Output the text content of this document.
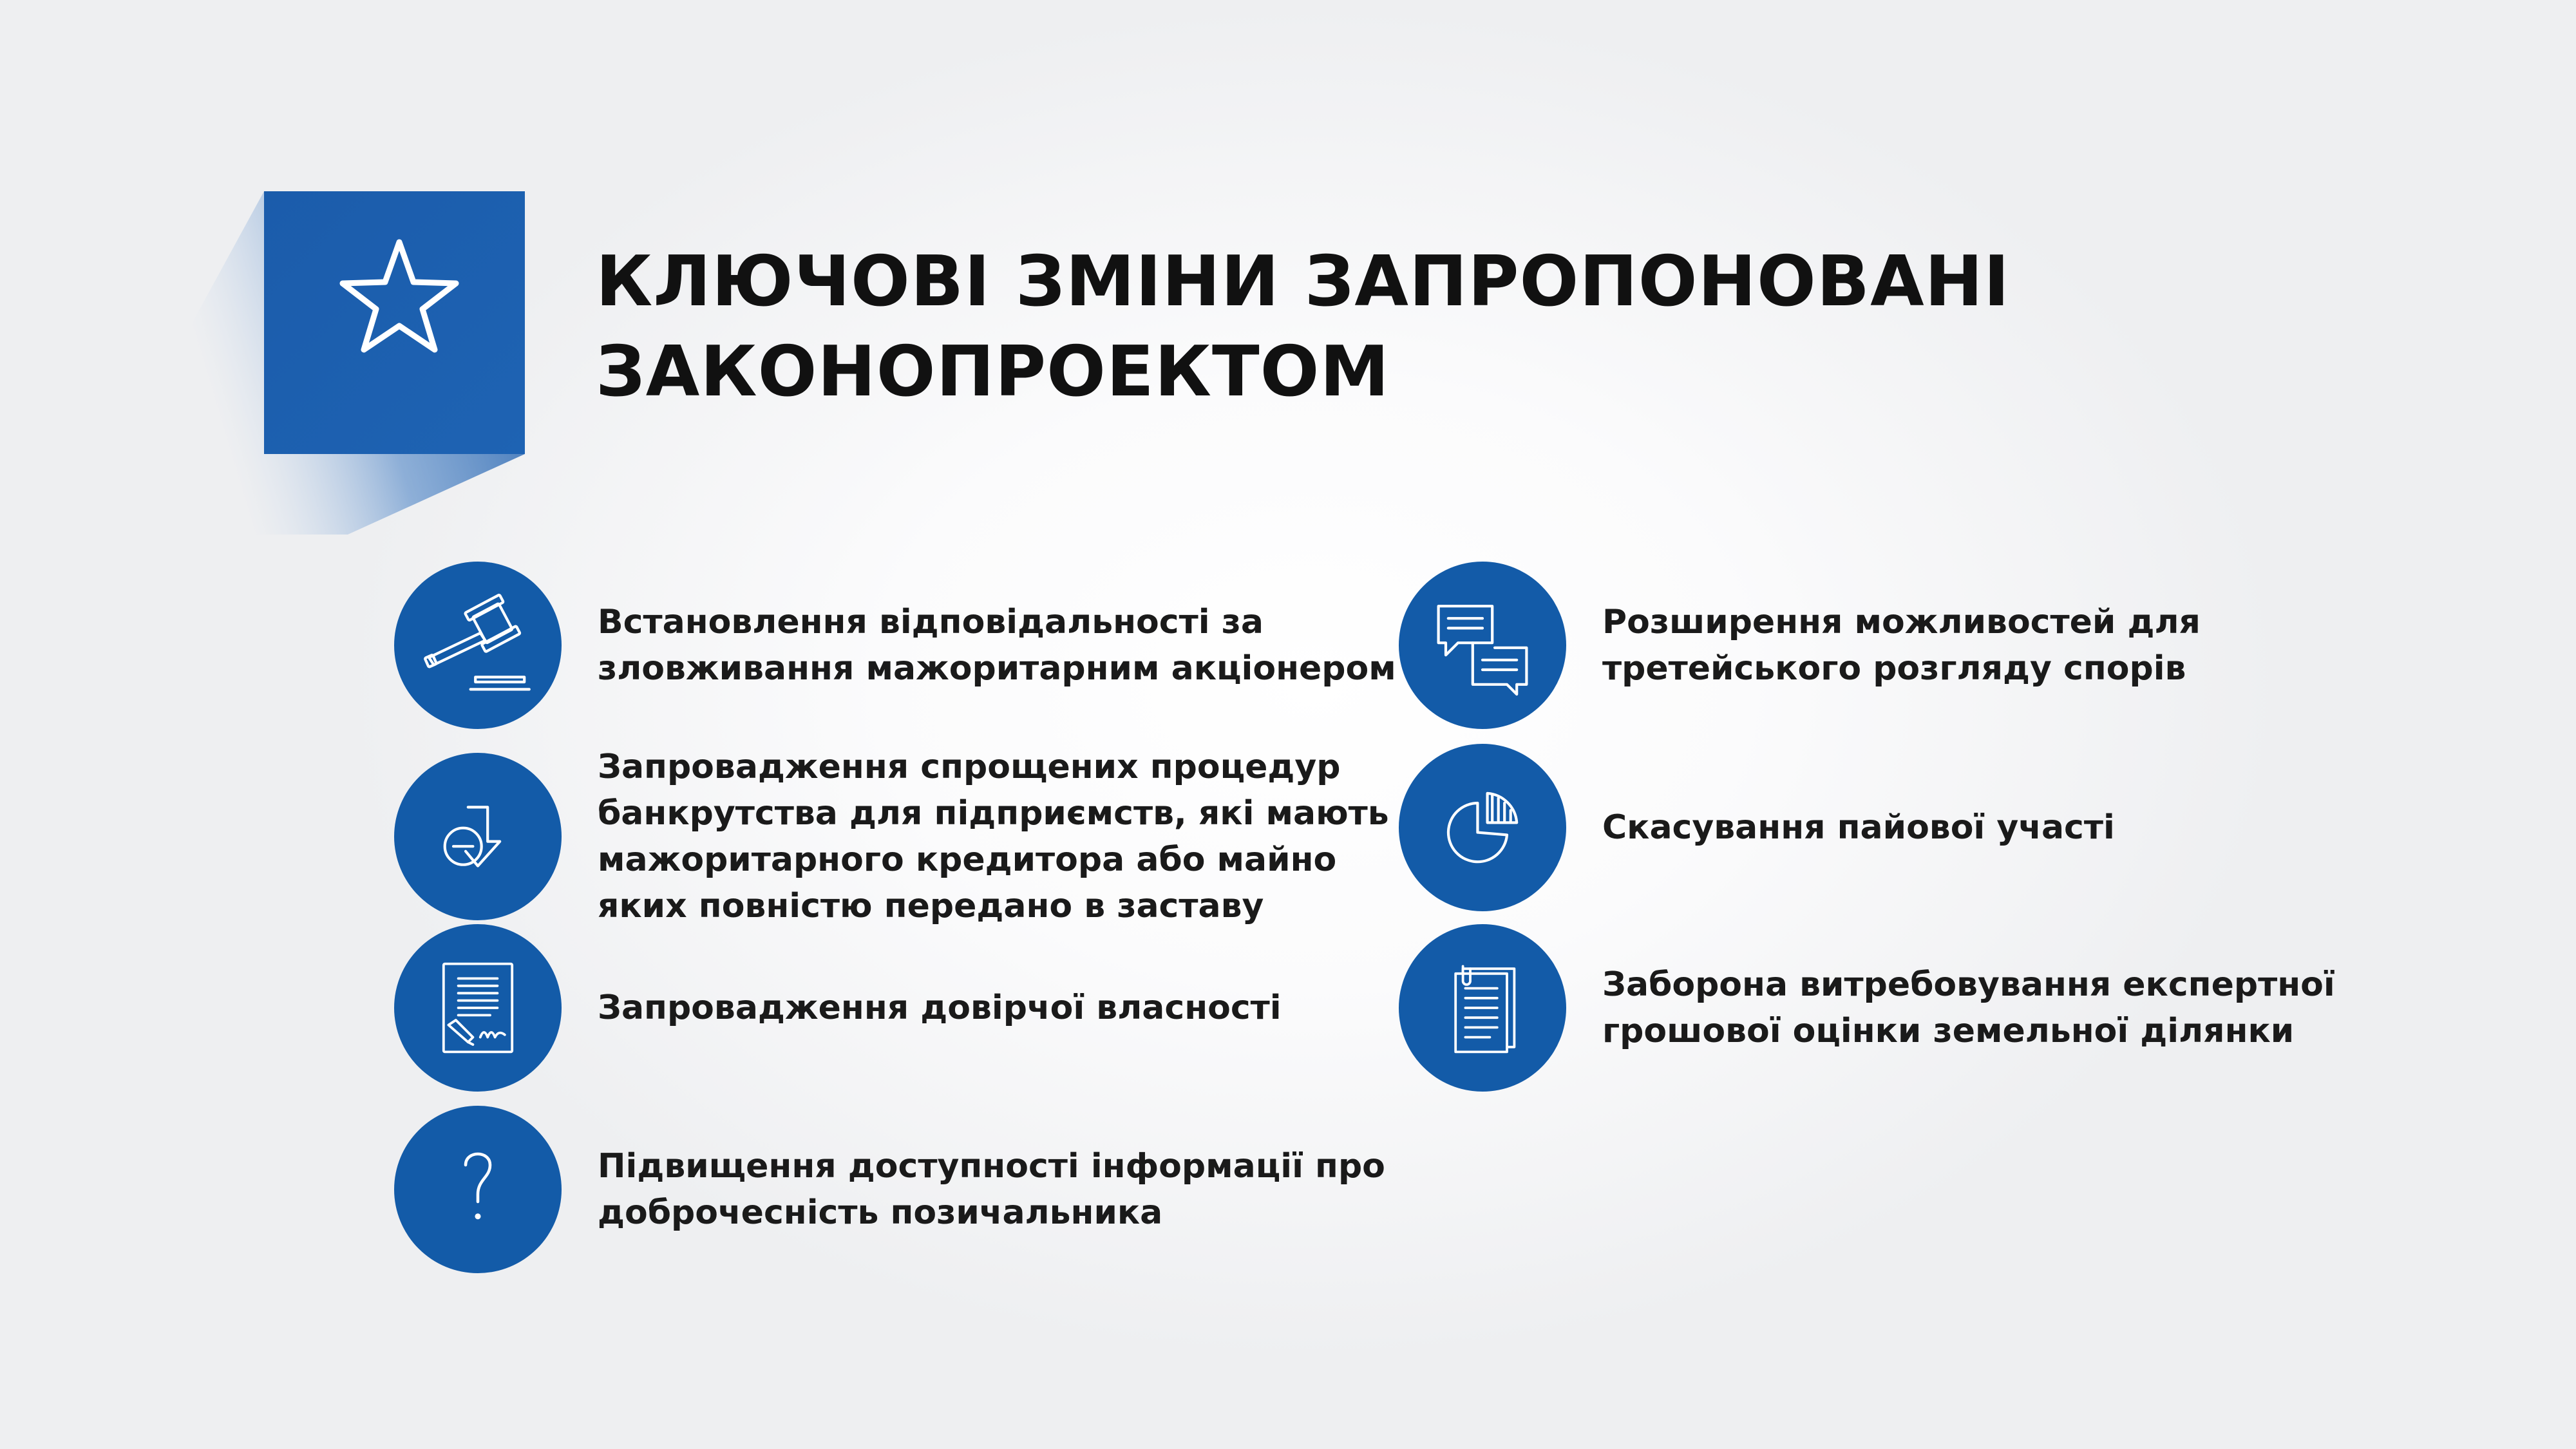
КЛЮЧОВІ ЗМІНИ ЗАПРОПОНОВАНІ
ЗАКОНОПРОЕКТОМ
Встановлення відповідальності за
зловживання мажоритарним акціонером
Запровадження спрощених процедур
банкрутства для підприємств, які мають
мажоритарного кредитора або майно
яких повністю передано в заставу
Запровадження довірчої власності
Підвищення доступності інформації про
доброчесність позичальника
Розширення можливостей для
третейського розгляду спорів
Скасування пайової участі
Заборона витребовування експертної
грошової оцінки земельної ділянки
